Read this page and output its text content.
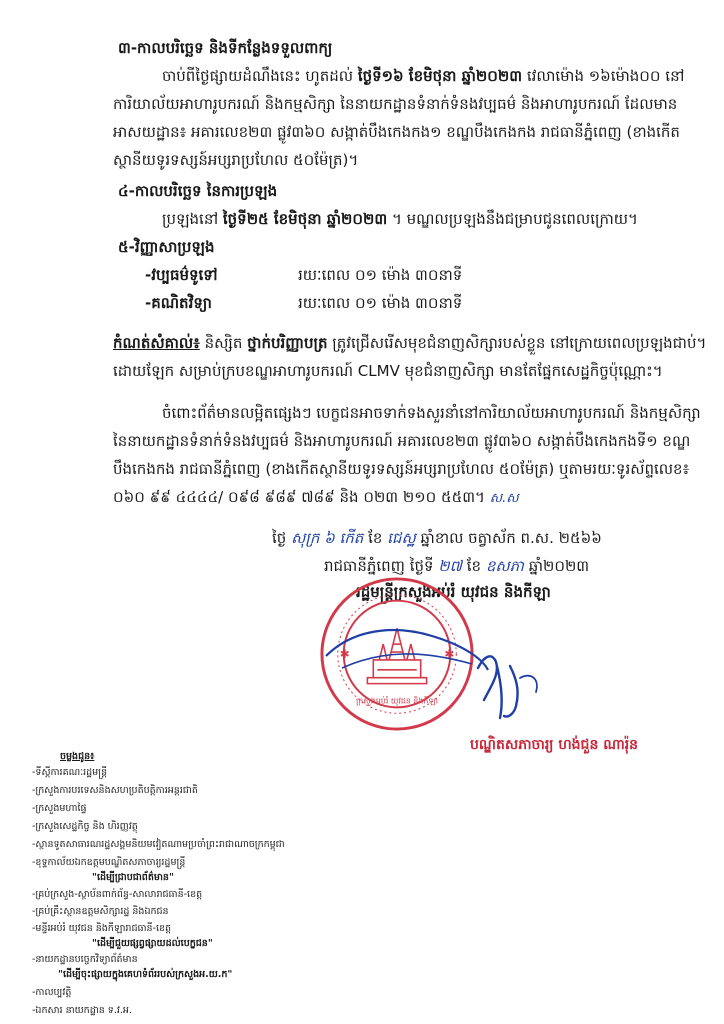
៣-កាលបរិច្ឆេទ និងទីកន្លែងទទួលពាក្យ
ចាប់ពីថ្ងៃផ្សាយដំណឹងនេះ ហូតដល់ ថ្ងៃទី១៦ ខែមិថុនា ឆ្នាំ២០២៣ វេលាម៉ោង ១៦ម៉ោង០០ នៅ
ការិយាល័យអាហារូបករណ៍ និងកម្មសិក្សា នៃនាយកដ្ឋានទំនាក់ទំនងវប្បធម៌ និងអាហារូបករណ៍ ដែលមាន
អាសយដ្ឋាន៖ អគារលេខ២៣ ផ្លូវ៣៦០ សង្កាត់បឹងកេងកង១ ខណ្ឌបឹងកេងកង រាជធានីភ្នំពេញ (ខាងកើត
ស្ថានីយទូរទស្សន៍អប្សរាប្រហែល ៥០ម៉ែត្រ)។
៤-កាលបរិច្ឆេទ នៃការប្រឡង
ប្រឡងនៅ ថ្ងៃទី២៥ ខែមិថុនា ឆ្នាំ២០២៣ ។ មណ្ឌលប្រឡងនឹងជម្រាបជូនពេលក្រោយ។
៥-វិញ្ញាសាប្រឡង
-វប្បធម៌ទូទៅ	រយៈពេល ០១ ម៉ោង ៣០នាទី
-គណិតវិទ្យា	រយៈពេល ០១ ម៉ោង ៣០នាទី
កំណត់សំគាល់៖ និស្សិត ថ្នាក់បរិញ្ញាបត្រ ត្រូវជ្រើសរើសមុខជំនាញសិក្សារបស់ខ្លួន នៅក្រោយពេលប្រឡងជាប់។
ដោយឡែក សម្រាប់ក្របខណ្ឌអាហារូបករណ៍ CLMV មុខជំនាញសិក្សា មានតែផ្នែកសេដ្ឋកិច្ចប៉ុណ្ណោះ។
ចំពោះព័ត៌មានលម្អិតផ្សេងៗ បេក្ខជនអាចទាក់ទងសួរនាំនៅការិយាល័យអាហារូបករណ៍ និងកម្មសិក្សា
នៃនាយកដ្ឋានទំនាក់ទំនងវប្បធម៌ និងអាហារូបករណ៍ អគារលេខ២៣ ផ្លូវ៣៦០ សង្កាត់បឹងកេងកងទី១ ខណ្ឌ
បឹងកេងកង រាជធានីភ្នំពេញ (ខាងកើតស្ថានីយទូរទស្សន៍អប្សរាប្រហែល ៥០ម៉ែត្រ) ឬតាមរយៈទូរស័ព្ទលេខ៖
០៦០ ៩៩ ៤៤៤៤/ ០៩៨ ៩៨៩ ៧៨៩ និង ០២៣ ២១០ ៥៥៣។ ស.ស
ថ្ងៃ សុក្រ ៦ កើត ខែ ជេស្ឋ ឆ្នាំខាល ចត្វាស័ក ព.ស. ២៥៦៦
រាជធានីភ្នំពេញ ថ្ងៃទី ២៧ ខែ ឧសភា ឆ្នាំ២០២៣
រដ្ឋមន្ត្រីក្រសួងអប់រំ យុវជន និងកីឡា
ក្រសួងអប់រំ យុវជន និងកីឡា
✱	✱
បណ្ឌិតសភាចារ្យ ហង់ជួន ណារ៉ុន
ចម្លងជូន៖
-ទីស្តីការគណៈរដ្ឋមន្ត្រី
-ក្រសួងការបរទេសនិងសហប្រតិបត្តិការអន្តរជាតិ
-ក្រសួងមហាផ្ទៃ
-ក្រសួងសេដ្ឋកិច្ច និង ហិរញ្ញវត្ថុ
-ស្ថានទូតសាធារណរដ្ឋសង្គមនិយមវៀតណាមប្រចាំព្រះរាជាណាចក្រកម្ពុជា
-ខុទ្ទកាល័យឯកឧត្តមបណ្ឌិតសភាចារ្យរដ្ឋមន្ត្រី
"ដើម្បីជ្រាបជាព័ត៌មាន"
-គ្រប់ក្រសួង-ស្ថាប័នពាក់ព័ន្ធ-សាលារាជធានី-ខេត្ត
-គ្រប់គ្រឹះស្ថានឧត្តមសិក្សារដ្ឋ និងឯកជន
-មន្ទីរអប់រំ យុវជន និងកីឡារាជធានី-ខេត្ត
"ដើម្បីជួយផ្សព្វផ្សាយដល់បេក្ខជន"
-នាយកដ្ឋានបច្ចេកវិទ្យាព័ត៌មាន
"ដើម្បីចុះផ្សាយក្នុងគេហទំព័ររបស់ក្រសួងអ.យ.ក"
-កាលប្បវត្តិ
-ឯកសារ នាយកដ្ឋាន ទ.វ.អ.
